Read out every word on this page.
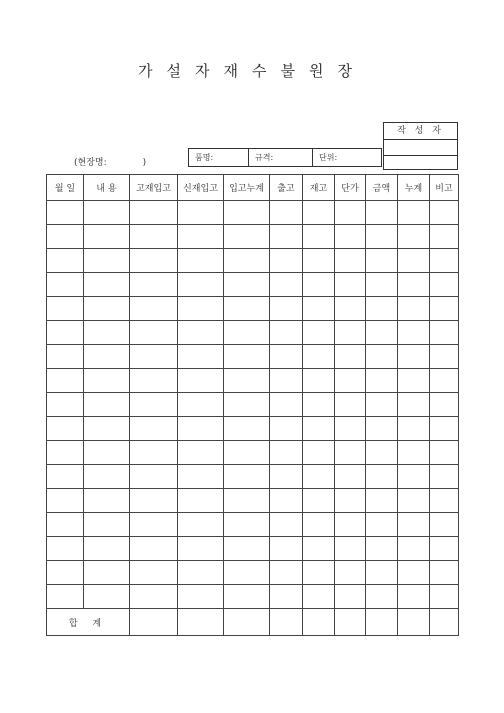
가설자재수불원장
작 성 자
(현장명:	)
품명:	규격:	단위:
월 일	내 용	고재입고	신재입고	입고누계	출고	재고	단가	금액	누계	비고

합 계										
